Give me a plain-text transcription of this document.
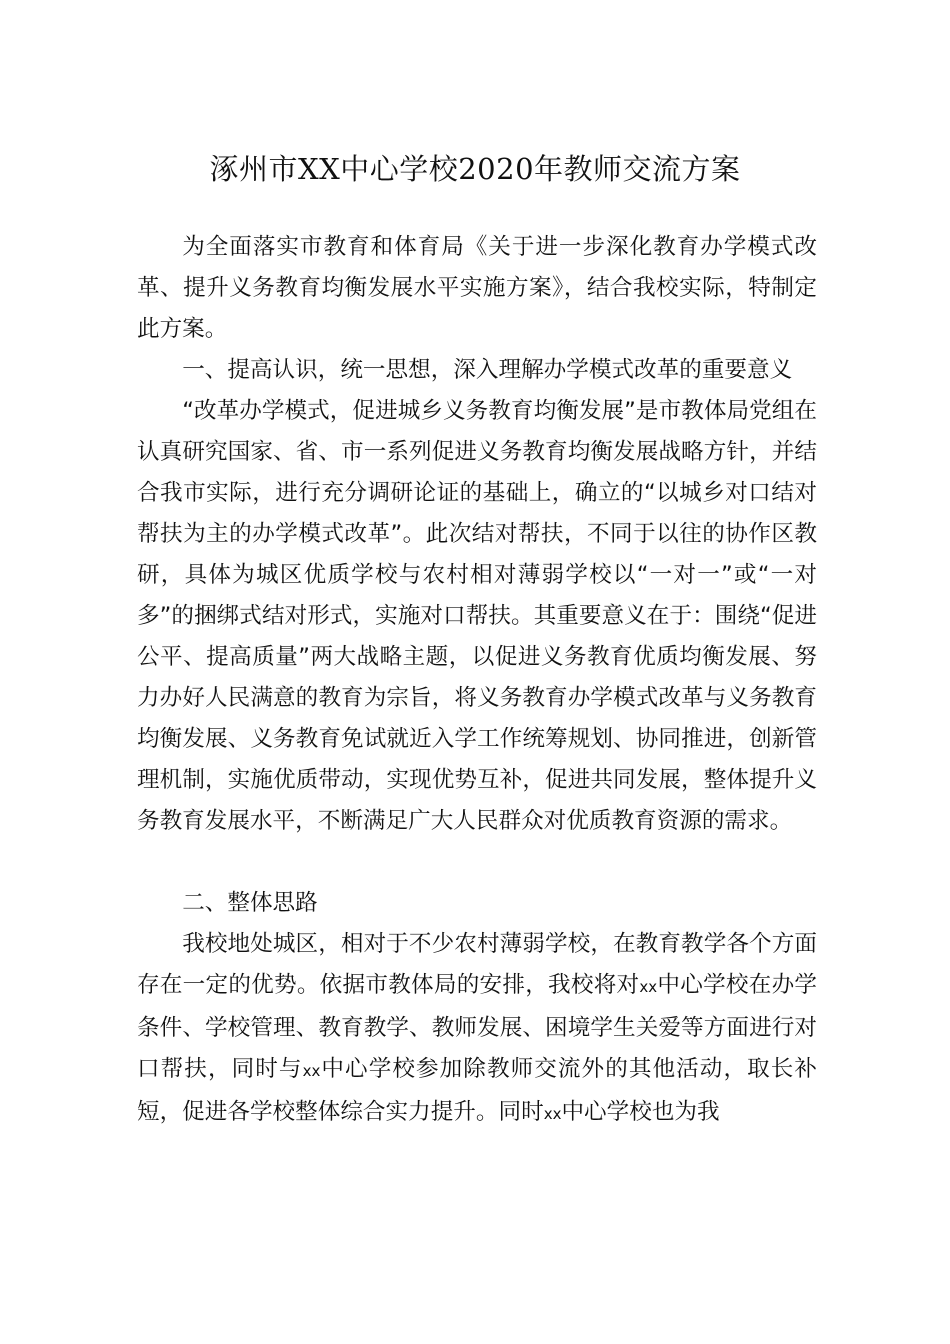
涿州市XX中心学校2020年教师交流方案

为全面落实市教育和体育局《关于进一步深化教育办学模式改革、提升义务教育均衡发展水平实施方案》，结合我校实际，特制定此方案。

一、提高认识，统一思想，深入理解办学模式改革的重要意义

“改革办学模式，促进城乡义务教育均衡发展”是市教体局党组在认真研究国家、省、市一系列促进义务教育均衡发展战略方针，并结合我市实际，进行充分调研论证的基础上，确立的“以城乡对口结对帮扶为主的办学模式改革”。此次结对帮扶，不同于以往的协作区教研，具体为城区优质学校与农村相对薄弱学校以“一对一”或“一对多”的捆绑式结对形式，实施对口帮扶。其重要意义在于：围绕“促进公平、提高质量”两大战略主题，以促进义务教育优质均衡发展、努力办好人民满意的教育为宗旨，将义务教育办学模式改革与义务教育均衡发展、义务教育免试就近入学工作统筹规划、协同推进，创新管理机制，实施优质带动，实现优势互补，促进共同发展，整体提升义务教育发展水平，不断满足广大人民群众对优质教育资源的需求。

二、整体思路

我校地处城区，相对于不少农村薄弱学校，在教育教学各个方面存在一定的优势。依据市教体局的安排，我校将对xx中心学校在办学条件、学校管理、教育教学、教师发展、困境学生关爱等方面进行对口帮扶，同时与xx中心学校参加除教师交流外的其他活动，取长补短，促进各学校整体综合实力提升。同时xx中心学校也为我
